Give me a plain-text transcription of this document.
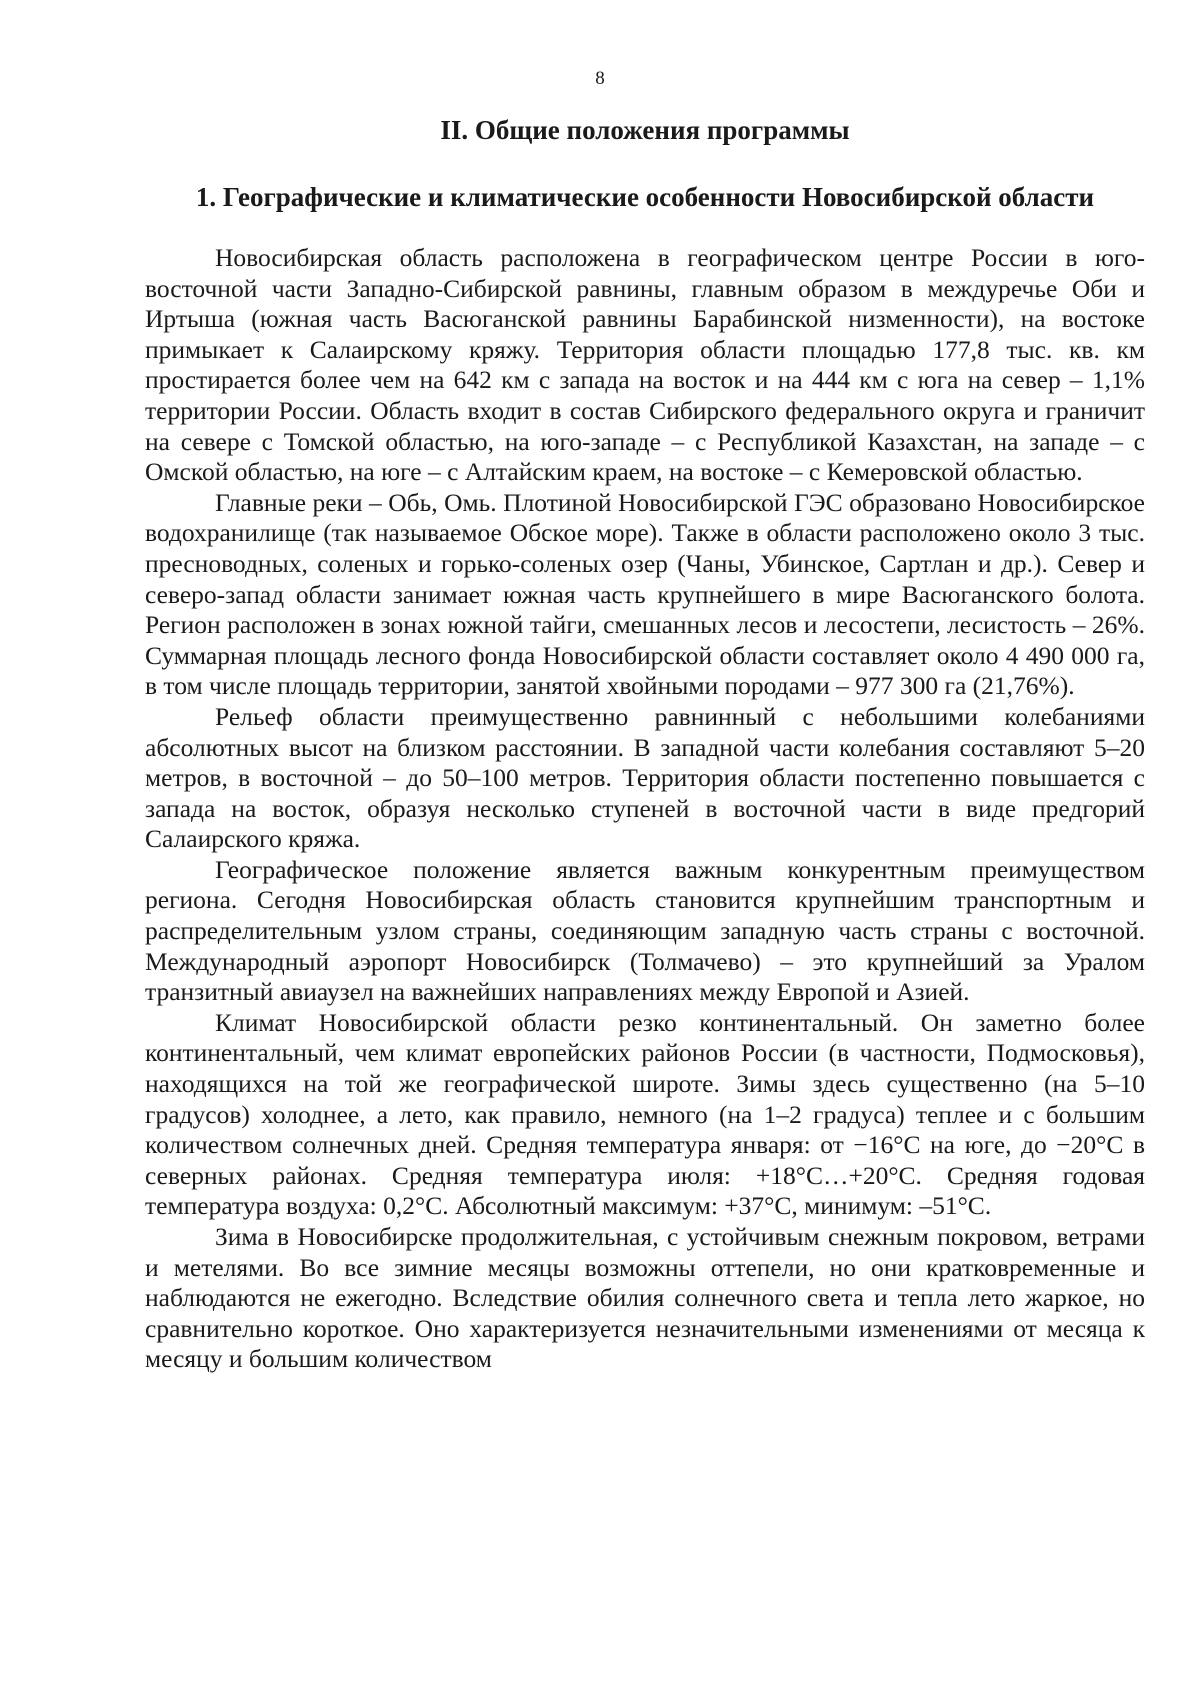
8
II. Общие положения программы
1. Географические и климатические особенности Новосибирской области

Новосибирская область расположена в географическом центре России в юго-восточной части Западно-Сибирской равнины, главным образом в междуречье Оби и Иртыша (южная часть Васюганской равнины Барабинской низменности), на востоке примыкает к Салаирскому кряжу. Территория области площадью 177,8 тыс. кв. км простирается более чем на 642 км с запада на восток и на 444 км с юга на север – 1,1% территории России. Область входит в состав Сибирского федерального округа и граничит на севере с Томской областью, на юго-западе – с Республикой Казахстан, на западе – с Омской областью, на юге – с Алтайским краем, на востоке – с Кемеровской областью.

Главные реки – Обь, Омь. Плотиной Новосибирской ГЭС образовано Новосибирское водохранилище (так называемое Обское море). Также в области расположено около 3 тыс. пресноводных, соленых и горько-соленых озер (Чаны, Убинское, Сартлан и др.). Север и северо-запад области занимает южная часть крупнейшего в мире Васюганского болота. Регион расположен в зонах южной тайги, смешанных лесов и лесостепи, лесистость – 26%. Суммарная площадь лесного фонда Новосибирской области составляет около 4 490 000 га, в том числе площадь территории, занятой хвойными породами – 977 300 га (21,76%).

Рельеф области преимущественно равнинный с небольшими колебаниями абсолютных высот на близком расстоянии. В западной части колебания составляют 5–20 метров, в восточной – до 50–100 метров. Территория области постепенно повышается с запада на восток, образуя несколько ступеней в восточной части в виде предгорий Салаирского кряжа.

Географическое положение является важным конкурентным преимуществом региона. Сегодня Новосибирская область становится крупнейшим транспортным и распределительным узлом страны, соединяющим западную часть страны с восточной. Международный аэропорт Новосибирск (Толмачево) – это крупнейший за Уралом транзитный авиаузел на важнейших направлениях между Европой и Азией.

Климат Новосибирской области резко континентальный. Он заметно более континентальный, чем климат европейских районов России (в частности, Подмосковья), находящихся на той же географической широте. Зимы здесь существенно (на 5–10 градусов) холоднее, а лето, как правило, немного (на 1–2 градуса) теплее и с большим количеством солнечных дней. Средняя температура января: от −16°С на юге, до −20°С в северных районах. Средняя температура июля: +18°С…+20°С. Средняя годовая температура воздуха: 0,2°С. Абсолютный максимум: +37°С, минимум: –51°С.

Зима в Новосибирске продолжительная, с устойчивым снежным покровом, ветрами и метелями. Во все зимние месяцы возможны оттепели, но они кратковременные и наблюдаются не ежегодно. Вследствие обилия солнечного света и тепла лето жаркое, но сравнительно короткое. Оно характеризуется незначительными изменениями от месяца к месяцу и большим количеством
